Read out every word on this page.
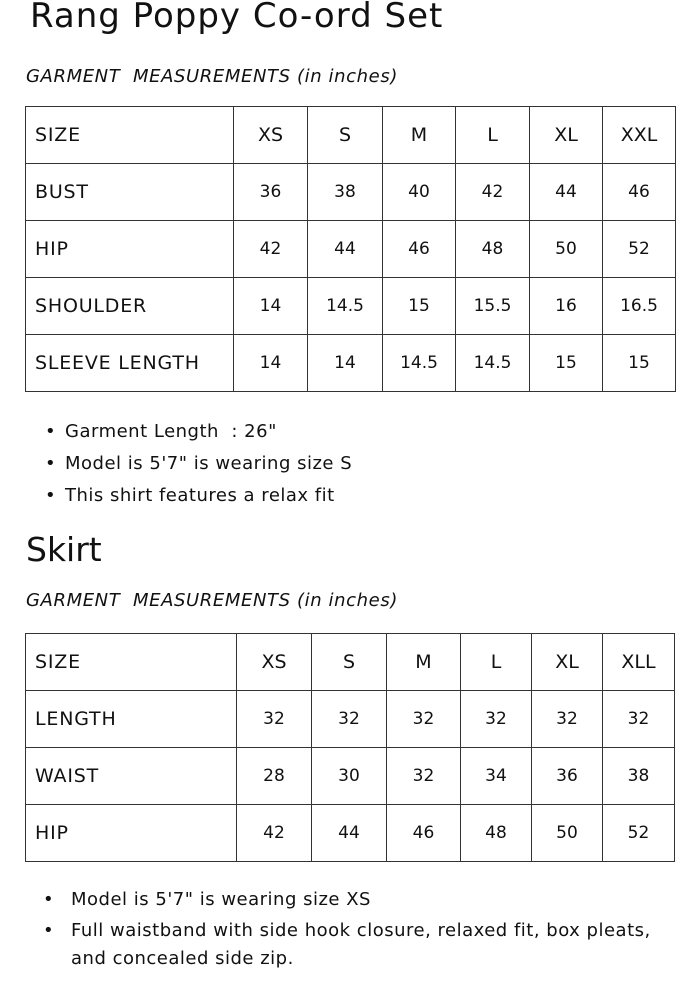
Rang Poppy Co-ord Set
GARMENT  MEASUREMENTS (in inches)
SIZE	XS	S	M	L	XL	XXL
BUST	36	38	40	42	44	46
HIP	42	44	46	48	50	52
SHOULDER	14	14.5	15	15.5	16	16.5
SLEEVE LENGTH	14	14	14.5	14.5	15	15
• Garment Length  : 26"
• Model is 5'7" is wearing size S
• This shirt features a relax fit
Skirt
GARMENT  MEASUREMENTS (in inches)
SIZE	XS	S	M	L	XL	XLL
LENGTH	32	32	32	32	32	32
WAIST	28	30	32	34	36	38
HIP	42	44	46	48	50	52
• Model is 5'7" is wearing size XS
• Full waistband with side hook closure, relaxed fit, box pleats, and concealed side zip.
